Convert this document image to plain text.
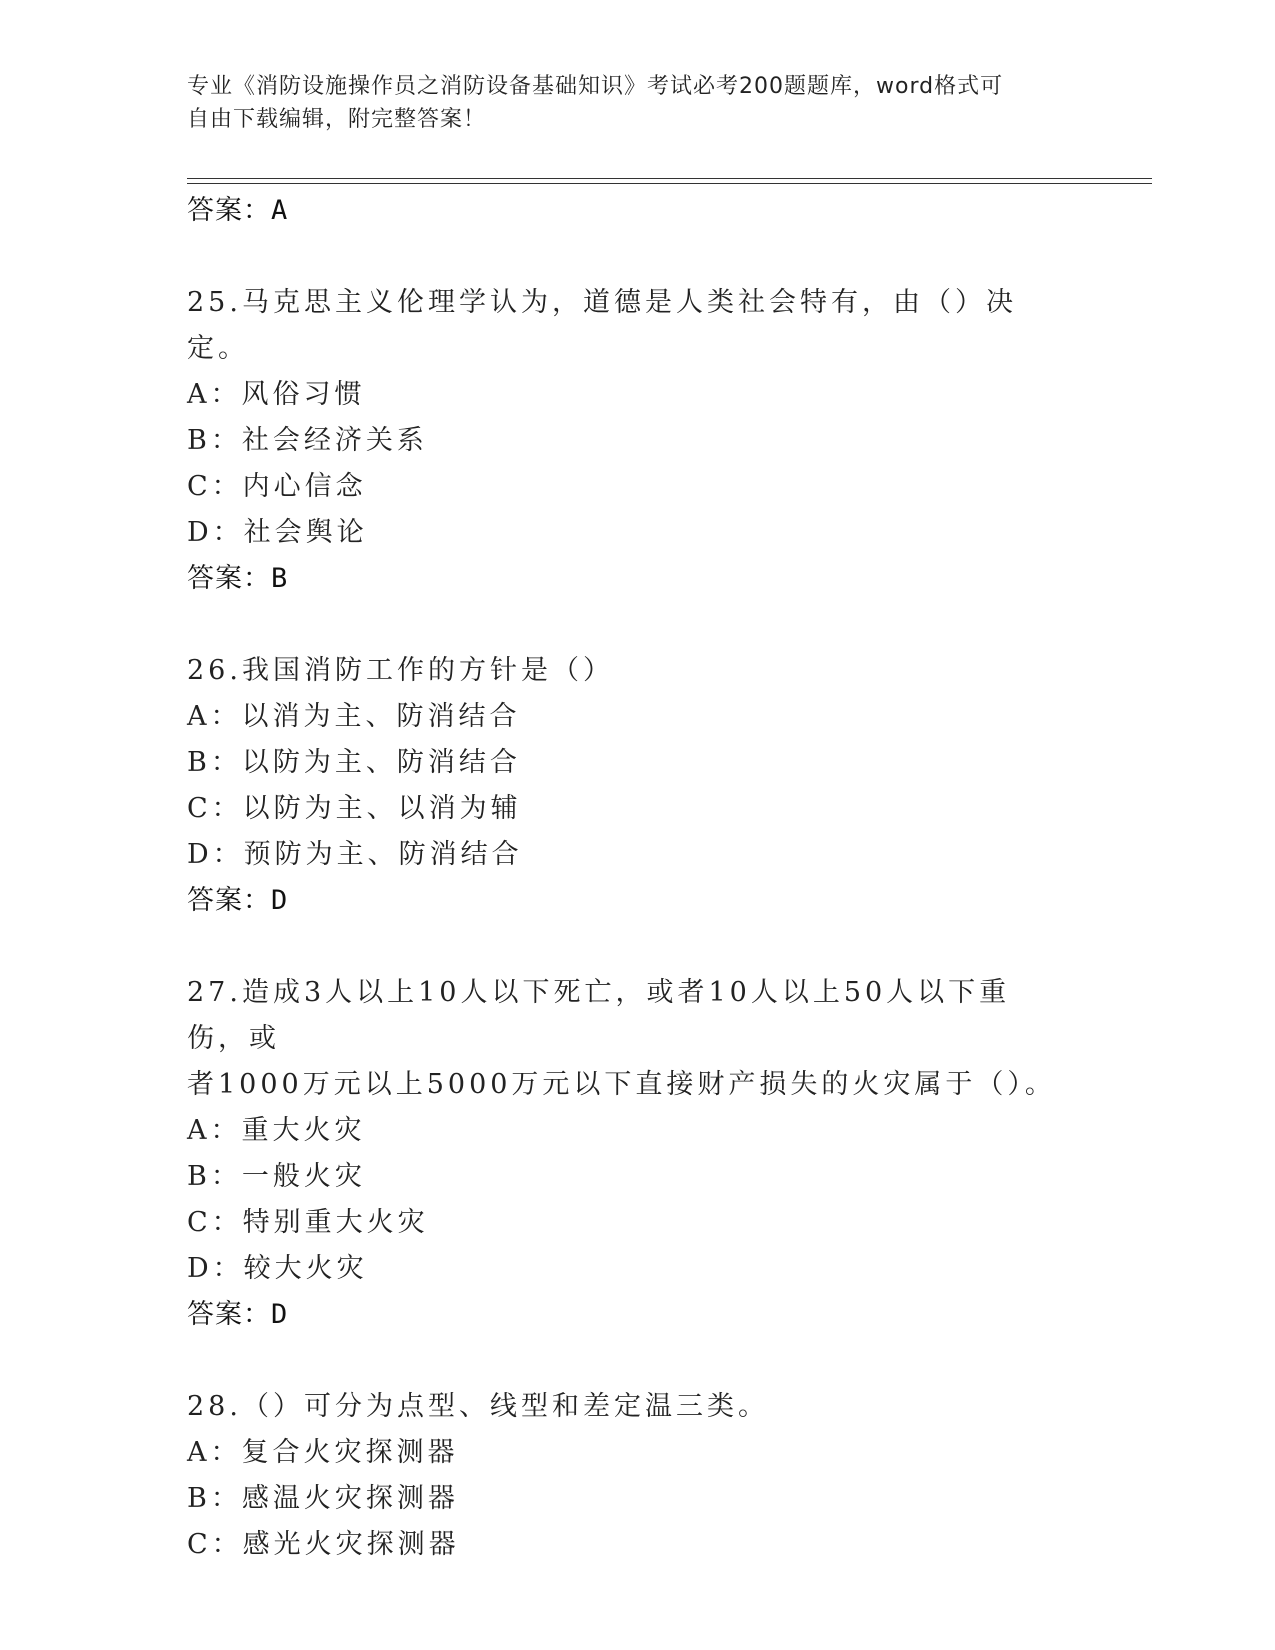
专业《消防设施操作员之消防设备基础知识》考试必考200题题库，word格式可
自由下载编辑，附完整答案！
答案：A
25.马克思主义伦理学认为，道德是人类社会特有，由（）决定。
A：风俗习惯
B：社会经济关系
C：内心信念
D：社会舆论
答案：B
26.我国消防工作的方针是（）
A：以消为主、防消结合
B：以防为主、防消结合
C：以防为主、以消为辅
D：预防为主、防消结合
答案：D
27.造成3人以上10人以下死亡，或者10人以上50人以下重伤，或
者1000万元以上5000万元以下直接财产损失的火灾属于（）。
A：重大火灾
B：一般火灾
C：特别重大火灾
D：较大火灾
答案：D
28.（）可分为点型、线型和差定温三类。
A：复合火灾探测器
B：感温火灾探测器
C：感光火灾探测器
